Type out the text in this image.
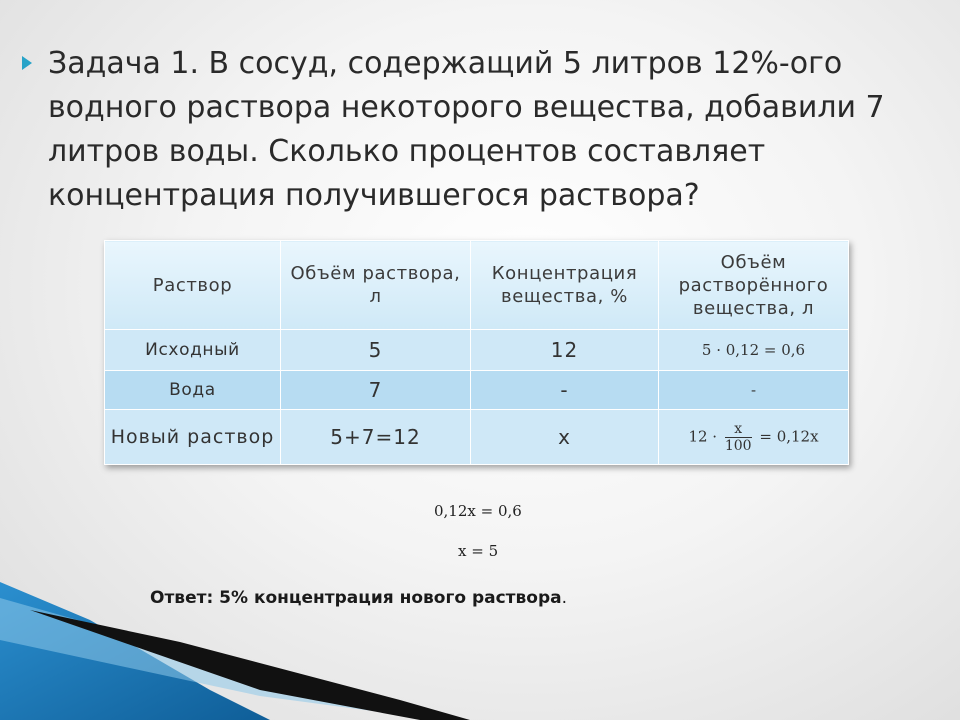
Задача 1. В сосуд, содержащий 5 литров 12%-ого водного раствора некоторого вещества, добавили 7 литров воды. Сколько процентов составляет концентрация получившегося раствора?
Раствор	Объём раствора, л	Концентрация вещества, %	Объём растворённого вещества, л
Исходный	5	12	5 · 0,12 = 0,6
Вода	7	-	-
Новый раствор	5+7=12	x	$12 \cdot \frac{x}{100} = 0,12x$
0,12x = 0,6
x = 5
Ответ: 5% концентрация нового раствора.
